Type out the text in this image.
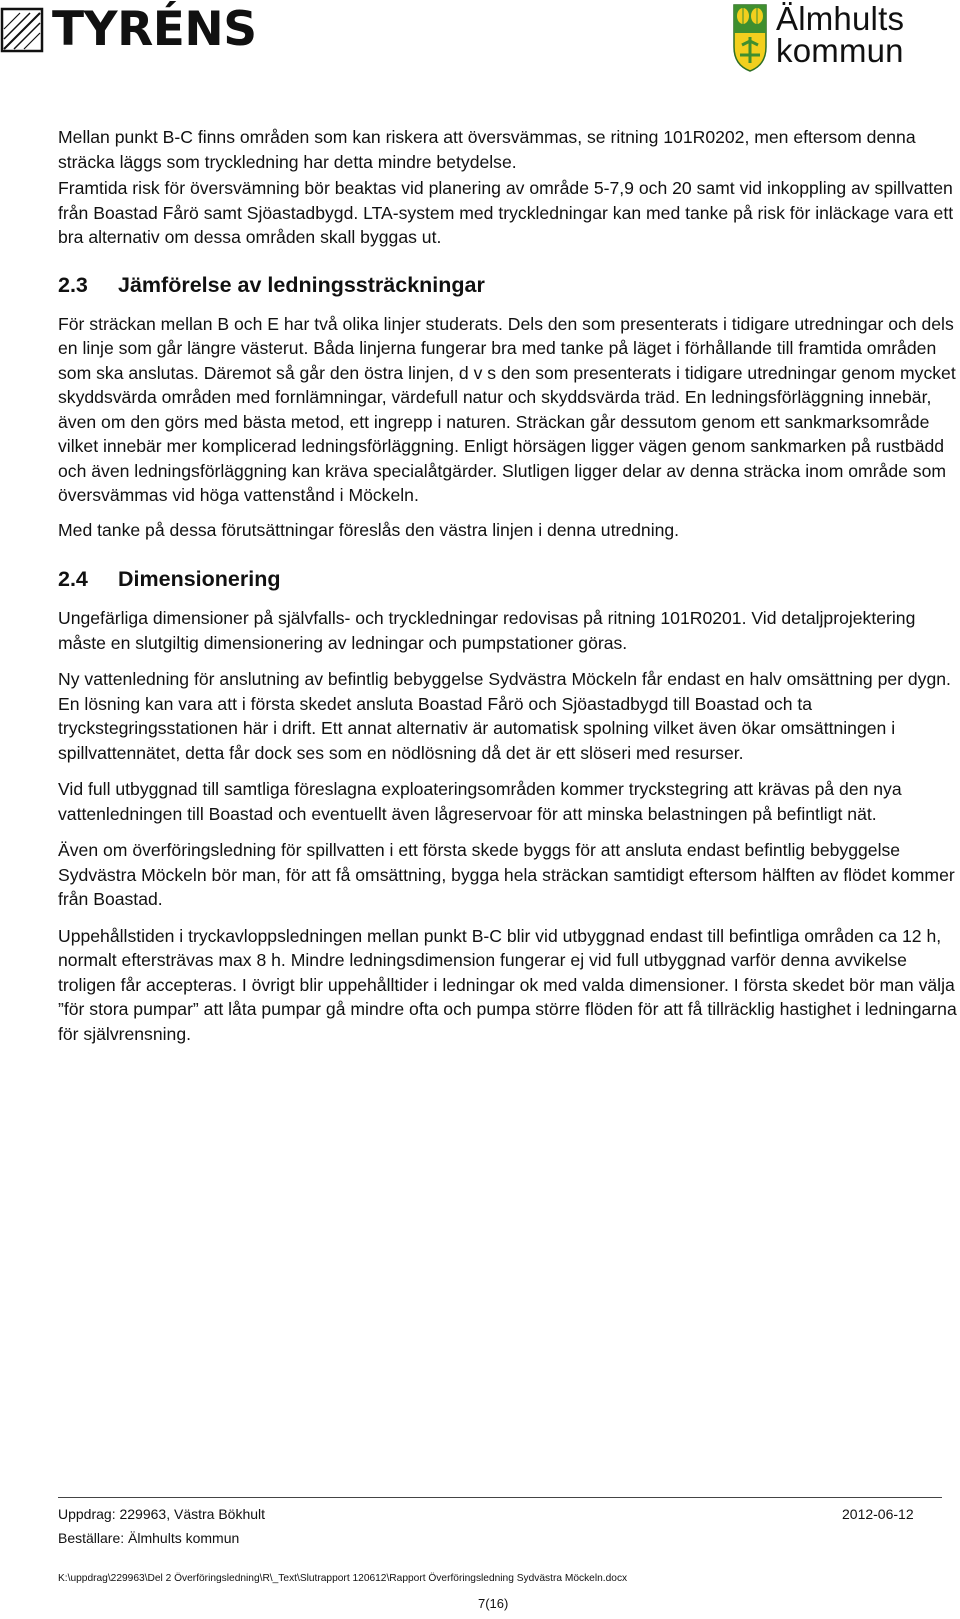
TYRÉNS	Älmhults
kommun

Mellan punkt B-C finns områden som kan riskera att översvämmas, se ritning 101R0202, men eftersom denna sträcka läggs som tryckledning har detta mindre betydelse.

Framtida risk för översvämning bör beaktas vid planering av område 5-7,9 och 20 samt vid inkoppling av spillvatten från Boastad Fårö samt Sjöastadbygd. LTA-system med tryckledningar kan med tanke på risk för inläckage vara ett bra alternativ om dessa områden skall byggas ut.

2.3	Jämförelse av ledningssträckningar

För sträckan mellan B och E har två olika linjer studerats. Dels den som presenterats i tidigare utredningar och dels en linje som går längre västerut. Båda linjerna fungerar bra med tanke på läget i förhållande till framtida områden som ska anslutas. Däremot så går den östra linjen, d v s den som presenterats i tidigare utredningar genom mycket skyddsvärda områden med fornlämningar, värdefull natur och skyddsvärda träd. En ledningsförläggning innebär, även om den görs med bästa metod, ett ingrepp i naturen. Sträckan går dessutom genom ett sankmarksområde vilket innebär mer komplicerad ledningsförläggning. Enligt hörsägen ligger vägen genom sankmarken på rustbädd och även ledningsförläggning kan kräva specialåtgärder. Slutligen ligger delar av denna sträcka inom område som översvämmas vid höga vattenstånd i Möckeln.

Med tanke på dessa förutsättningar föreslås den västra linjen i denna utredning.

2.4	Dimensionering

Ungefärliga dimensioner på självfalls- och tryckledningar redovisas på ritning 101R0201. Vid detaljprojektering måste en slutgiltig dimensionering av ledningar och pumpstationer göras.

Ny vattenledning för anslutning av befintlig bebyggelse Sydvästra Möckeln får endast en halv omsättning per dygn. En lösning kan vara att i första skedet ansluta Boastad Fårö och Sjöastadbygd till Boastad och ta tryckstegringsstationen här i drift. Ett annat alternativ är automatisk spolning vilket även ökar omsättningen i spillvattennätet, detta får dock ses som en nödlösning då det är ett slöseri med resurser.

Vid full utbyggnad till samtliga föreslagna exploateringsområden kommer tryckstegring att krävas på den nya vattenledningen till Boastad och eventuellt även lågreservoar för att minska belastningen på befintligt nät.

Även om överföringsledning för spillvatten i ett första skede byggs för att ansluta endast befintlig bebyggelse Sydvästra Möckeln bör man, för att få omsättning, bygga hela sträckan samtidigt eftersom hälften av flödet kommer från Boastad.

Uppehållstiden i tryckavloppsledningen mellan punkt B-C blir vid utbyggnad endast till befintliga områden ca 12 h, normalt eftersträvas max 8 h. Mindre ledningsdimension fungerar ej vid full utbyggnad varför denna avvikelse troligen får accepteras. I övrigt blir uppehålltider i ledningar ok med valda dimensioner. I första skedet bör man välja ”för stora pumpar” att låta pumpar gå mindre ofta och pumpa större flöden för att få tillräcklig hastighet i ledningarna för självrensning.

Uppdrag: 229963, Västra Bökhult	2012-06-12
Beställare: Älmhults kommun
K:\uppdrag\229963\Del 2 Överföringsledning\R\_Text\Slutrapport 120612\Rapport Överföringsledning Sydvästra Möckeln.docx
7(16)
